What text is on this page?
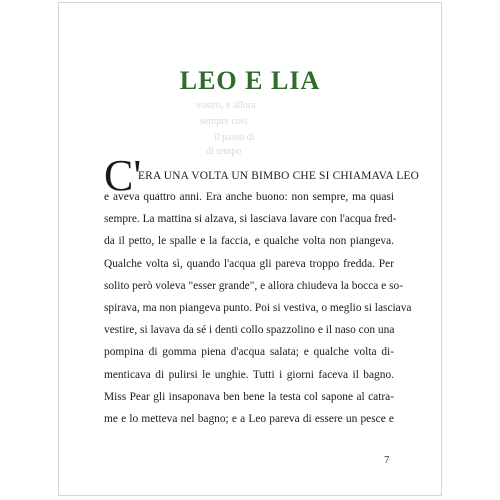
vostro, e allora
sempre cosi
il passo di
di tempo
LEO E LIA
C'
ERA UNA VOLTA UN BIMBO CHE SI CHIAMAVA LEO
e aveva quattro anni. Era anche buono: non sempre, ma quasi
sempre. La mattina si alzava, si lasciava lavare con l'acqua fred-
da il petto, le spalle e la faccia, e qualche volta non piangeva.
Qualche volta sì, quando l'acqua gli pareva troppo fredda. Per
solito però voleva "esser grande", e allora chiudeva la bocca e so-
spirava, ma non piangeva punto. Poi si vestiva, o meglio si lasciava
vestire, si lavava da sé i denti collo spazzolino e il naso con una
pompina di gomma piena d'acqua salata; e qualche volta di-
menticava di pulirsi le unghie. Tutti i giorni faceva il bagno.
Miss Pear gli insaponava ben bene la testa col sapone al catra-
me e lo metteva nel bagno; e a Leo pareva di essere un pesce e
7
